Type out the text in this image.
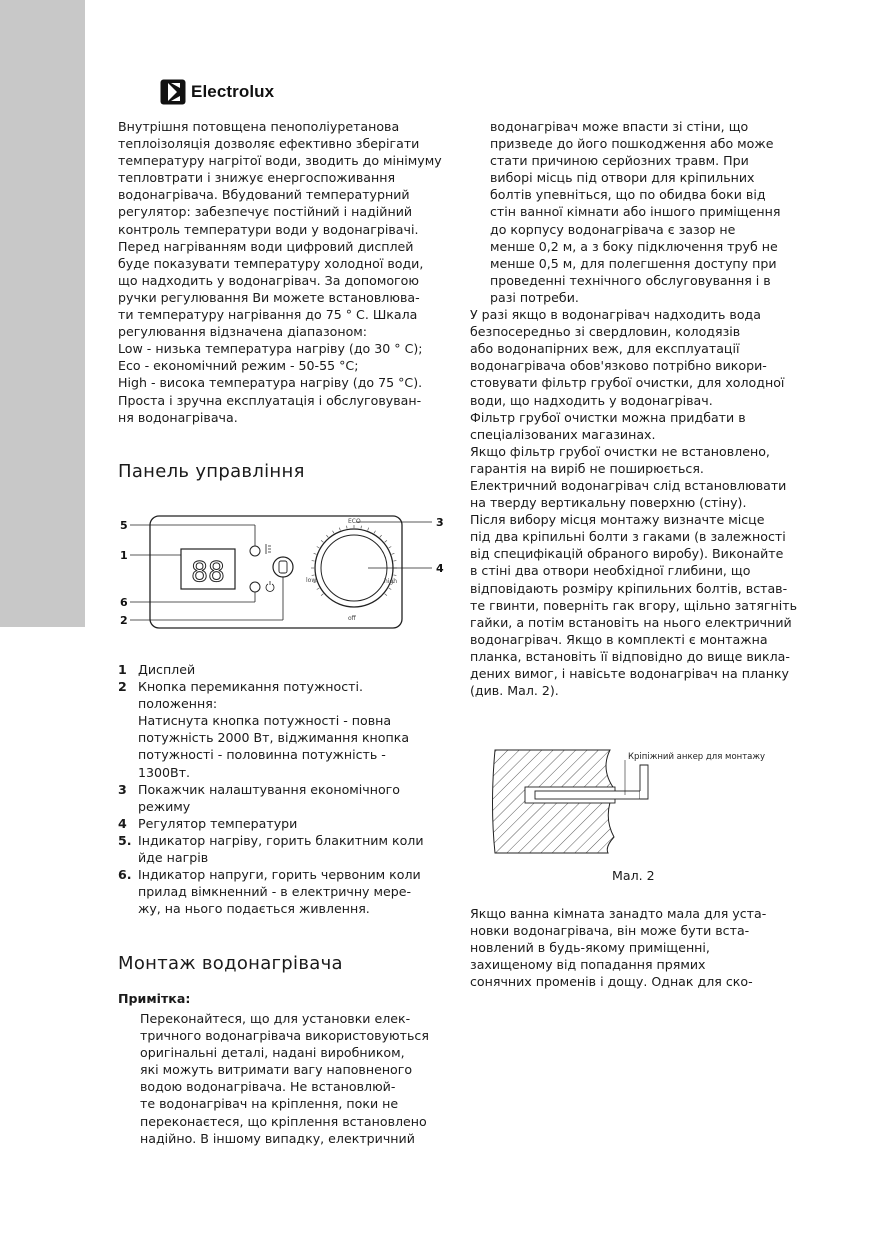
Electrolux
Внутрішня потовщена пенополіуретанова
теплоізоляція дозволяє ефективно зберігати
температуру нагрітої води, зводить до мінімуму
тепловтрати і знижує енергоспоживання
водонагрівача. Вбудований температурний
регулятор: забезпечує постійний і надійний
контроль температури води у водонагрівачі.
Перед нагріванням води цифровий дисплей
буде показувати температуру холодної води,
що надходить у водонагрівач. За допомогою
ручки регулювання Ви можете встановлюва-
ти температуру нагрівання до 75 ° С. Шкала
регулювання відзначена діапазоном:
Low - низька температура нагріву (до 30 ° С);
Eco - економічний режим - 50-55 °С;
High - висока температура нагріву (до 75 °С).
Проста і зручна експлуатація і обслуговуван-
ня водонагрівача.
Панель управління
88
ECO
low	high
off
5
1
6
2
3
4
1 Дисплей
2 Кнопка перемикання потужності.
положення:
Натиснута кнопка потужності - повна
потужність 2000 Вт, віджимання кнопка
потужності - половинна потужність -
1300Вт.
3 Покажчик налаштування економічного
режиму
4 Регулятор температури
5. Індикатор нагріву, горить блакитним коли
йде нагрів
6. Індикатор напруги, горить червоним коли
прилад вімкненний - в електричну мере-
жу, на нього подається живлення.
Монтаж водонагрівача
Примітка:
Переконайтеся, що для установки елек-
тричного водонагрівача використовуються
оригінальні деталі, надані виробником,
які можуть витримати вагу наповненого
водою водонагрівача. Не встановлюй-
те водонагрівач на кріплення, поки не
переконаєтеся, що кріплення встановлено
надійно. В іншому випадку, електричний
водонагрівач може впасти зі стіни, що
призведе до його пошкодження або може
стати причиною серйозних травм. При
виборі місць під отвори для кріпильних
болтів упевніться, що по обидва боки від
стін ванної кімнати або іншого приміщення
до корпусу водонагрівача є зазор не
менше 0,2 м, а з боку підключення труб не
менше 0,5 м, для полегшення доступу при
проведенні технічного обслуговування і в
разі потреби.
У разі якщо в водонагрівач надходить вода
безпосередньо зі свердловин, колодязів
або водонапірних веж, для експлуатації
водонагрівача обов'язково потрібно викори-
стовувати фільтр грубої очистки, для холодної
води, що надходить у водонагрівач.
Фільтр грубої очистки можна придбати в
спеціалізованих магазинах.
Якщо фільтр грубої очистки не встановлено,
гарантія на виріб не поширюється.
Електричний водонагрівач слід встановлювати
на тверду вертикальну поверхню (стіну).
Після вибору місця монтажу визначте місце
під два кріпильні болти з гаками (в залежності
від специфікацій обраного виробу). Виконайте
в стіні два отвори необхідної глибини, що
відповідають розміру кріпильних болтів, встав-
те гвинти, поверніть гак вгору, щільно затягніть
гайки, а потім встановіть на нього електричний
водонагрівач. Якщо в комплекті є монтажна
планка, встановіть її відповідно до вище викла-
дених вимог, і навісьте водонагрівач на планку
(див. Мал. 2).
Кріпіжний анкер для монтажу
Мал. 2
Якщо ванна кімната занадто мала для уста-
новки водонагрівача, він може бути вста-
новлений в будь-якому приміщенні,
захищеному від попадання прямих
сонячних променів і дощу. Однак для ско-
